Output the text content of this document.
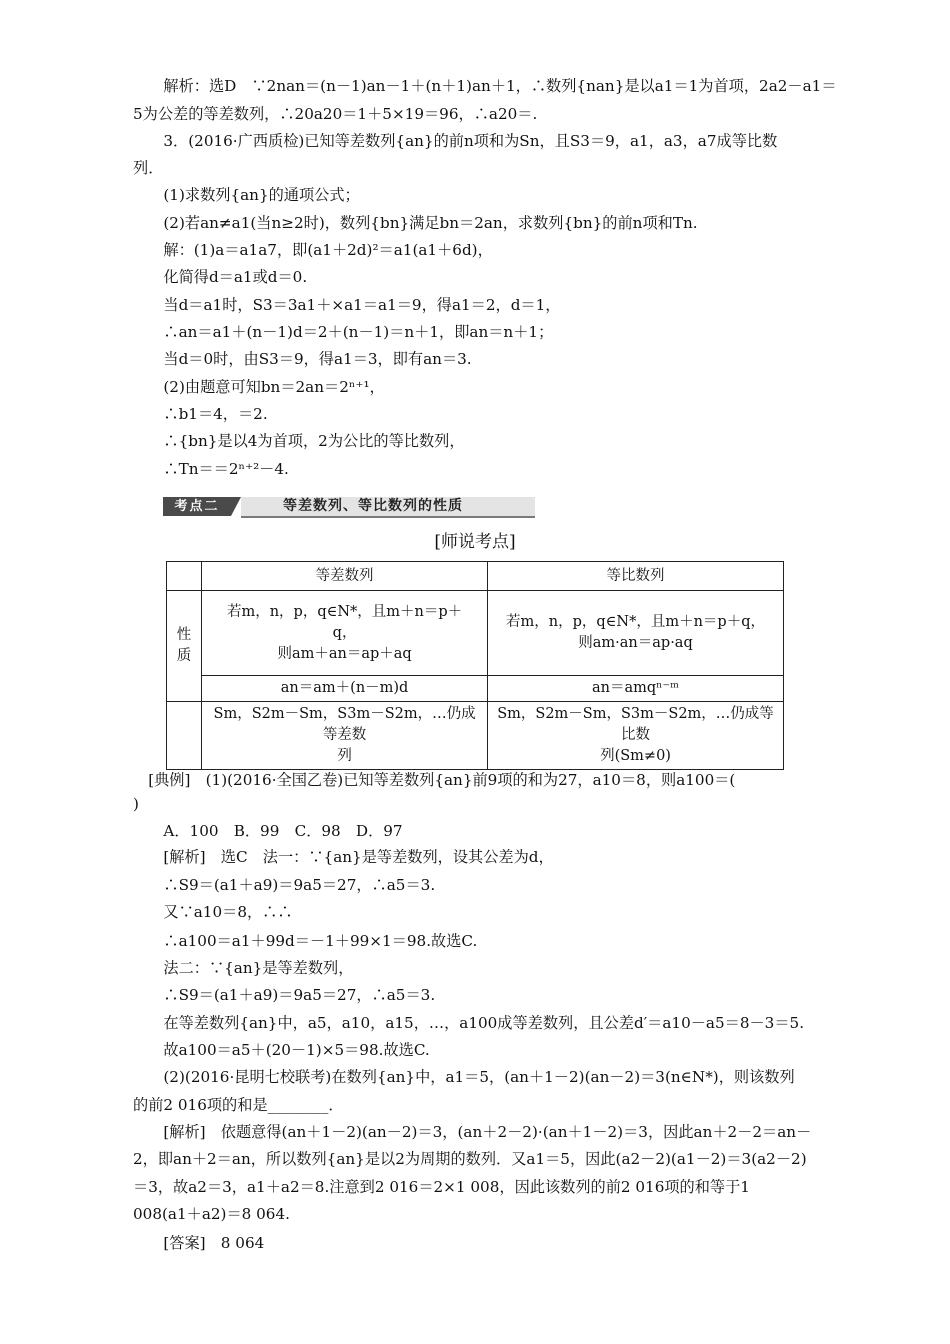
　　解析：选D　∵2nan＝(n－1)an－1＋(n＋1)an＋1，∴数列{nan}是以a1＝1为首项，2a2－a1＝
5为公差的等差数列，∴20a20＝1＋5×19＝96，∴a20＝.
　　3．(2016·广西质检)已知等差数列{an}的前n项和为Sn，且S3＝9，a1，a3，a7成等比数
列．
　　(1)求数列{an}的通项公式；
　　(2)若an≠a1(当n≥2时)，数列{bn}满足bn＝2an，求数列{bn}的前n项和Tn.
　　解：(1)a＝a1a7，即(a1＋2d)²＝a1(a1＋6d)，
　　化简得d＝a1或d＝0.
　　当d＝a1时，S3＝3a1＋×a1＝a1＝9，得a1＝2，d＝1，
　　∴an＝a1＋(n－1)d＝2＋(n－1)＝n＋1，即an＝n＋1；
　　当d＝0时，由S3＝9，得a1＝3，即有an＝3.
　　(2)由题意可知bn＝2an＝2ⁿ⁺¹，
　　∴b1＝4，＝2.
　　∴{bn}是以4为首项，2为公比的等比数列，
　　∴Tn＝＝2ⁿ⁺²－4.
考点二	等差数列、等比数列的性质
[师说考点]
	等差数列	等比数列
性
质	若m，n，p，q∈N*，且m＋n＝p＋
q，
则am＋an＝ap＋aq	若m，n，p，q∈N*，且m＋n＝p＋q，
则am·an＝ap·aq
	an＝am＋(n－m)d	an＝amqⁿ⁻ᵐ
	Sm，S2m－Sm，S3m－S2m，…仍成等差数
列	Sm，S2m－Sm，S3m－S2m，…仍成等比数
列(Sm≠0)
　[典例]　(1)(2016·全国乙卷)已知等差数列{an}前9项的和为27，a10＝8，则a100＝(
)
　　A．100　B．99　C．98　D．97
　　[解析]　选C　法一：∵{an}是等差数列，设其公差为d，
　　∴S9＝(a1＋a9)＝9a5＝27，∴a5＝3.
　　又∵a10＝8，∴∴
　　∴a100＝a1＋99d＝－1＋99×1＝98.故选C.
　　法二：∵{an}是等差数列，
　　∴S9＝(a1＋a9)＝9a5＝27，∴a5＝3.
　　在等差数列{an}中，a5，a10，a15，…，a100成等差数列，且公差d′＝a10－a5＝8－3＝5.
　　故a100＝a5＋(20－1)×5＝98.故选C.
　　(2)(2016·昆明七校联考)在数列{an}中，a1＝5，(an＋1－2)(an－2)＝3(n∈N*)，则该数列
的前2 016项的和是________．
　　[解析]　依题意得(an＋1－2)(an－2)＝3，(an＋2－2)·(an＋1－2)＝3，因此an＋2－2＝an－
2，即an＋2＝an，所以数列{an}是以2为周期的数列．又a1＝5，因此(a2－2)(a1－2)＝3(a2－2)
＝3，故a2＝3，a1＋a2＝8.注意到2 016＝2×1 008，因此该数列的前2 016项的和等于1
008(a1＋a2)＝8 064.
　　[答案]　8 064
